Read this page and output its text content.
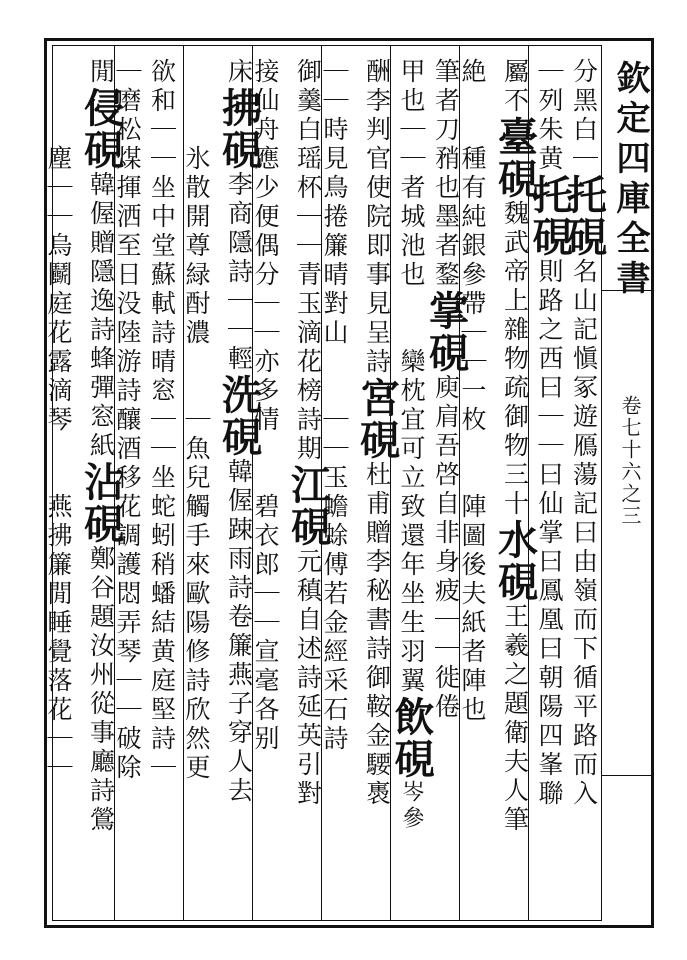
欽定四庫全書
卷七十六之三
分黑白｜托硯名山記愼冢遊鴈蕩記曰由嶺而下循平路而入
｜列朱黄托硯則路之西曰｜｜曰仙掌曰鳳凰曰朝陽四峯聯
屬不臺硯魏武帝上雜物疏御物三十水硯王羲之題衛夫人筆
絶　　種有純銀參帶｜｜一枚　　陣圖後夫紙者陣也
筆者刀矟也墨者鍪掌硯庾肩吾啓自非身疲｜｜徙倦
甲也｜｜者城池也　　欒枕宜可立致還年坐生羽翼飲硯岑參
酬李判官使院即事見呈詩宮硯杜甫贈李秘書詩御鞍金騕褭
｜｜時見鳥捲簾晴對山　　｜｜玉蟾蜍傅若金經采石詩
御羹白瑶杯｜｜青玉滴花榜詩期江硯元稹自述詩延英引對
接仙舟應少便偶分｜｜亦多情　　碧衣郎｜｜宣毫各别
床拂硯李商隱詩｜｜輕洗硯韓偓踈雨詩卷簾燕子穿人去
　　　氷散開尊緑酎濃　　｜魚兒觸手來歐陽修詩欣然更
欲和｜｜坐中堂蘇軾詩晴窓｜｜坐蛇蚓稍蟠結黄庭堅詩｜
｜磨松煤揮洒至日没陸游詩釀酒移花調護悶弄琴｜｜破除
閒侵硯韓偓贈隱逸詩蜂彈窓紙沾硯鄭谷題汝州從事廳詩鶯
　　　塵｜｜烏鬬庭花露滴琴　　燕拂簾閒睡覺落花｜｜
